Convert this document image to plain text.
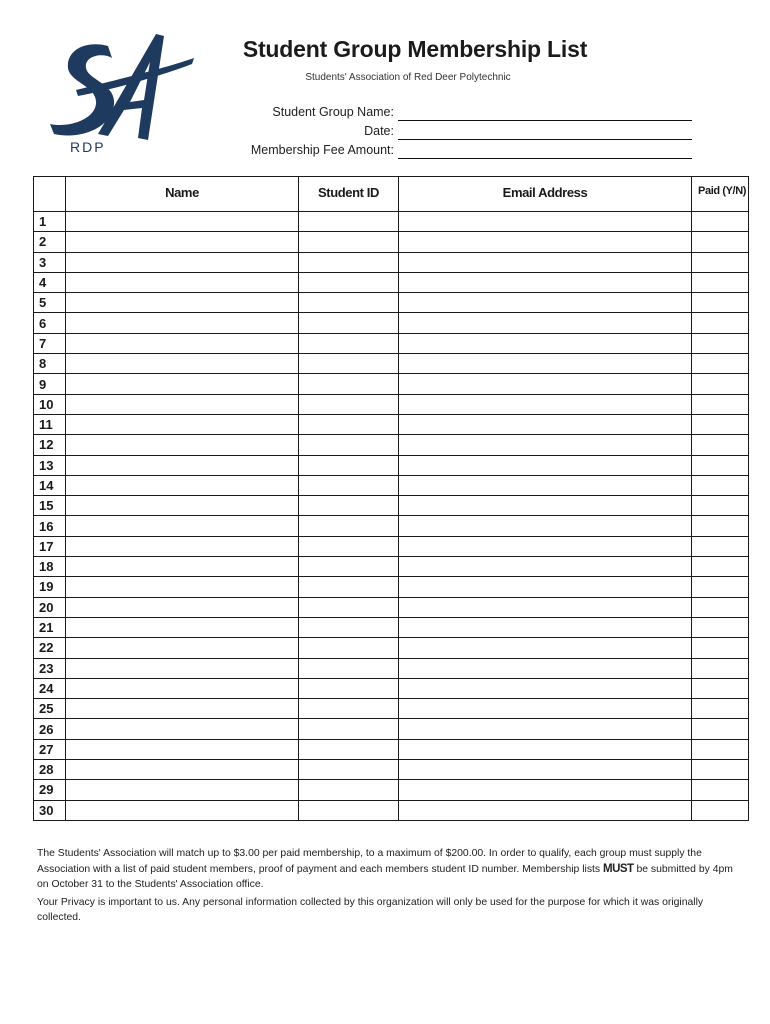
RDP
Student Group Membership List
Students' Association of Red Deer Polytechnic
Student Group Name:
Date:
Membership Fee Amount:
	Name	Student ID	Email Address	Paid (Y/N)
1				
2				
3				
4				
5				
6				
7				
8				
9				
10				
11				
12				
13				
14				
15				
16				
17				
18				
19				
20				
21				
22				
23				
24				
25				
26				
27				
28				
29				
30				

The Students' Association will match up to $3.00 per paid membership, to a maximum of $200.00. In order to qualify, each group must supply the Association with a list of paid student members, proof of payment and each members student ID number. Membership lists MUST be submitted by 4pm on October 31 to the Students' Association office.

Your Privacy is important to us. Any personal information collected by this organization will only be used for the purpose for which it was originally collected.
